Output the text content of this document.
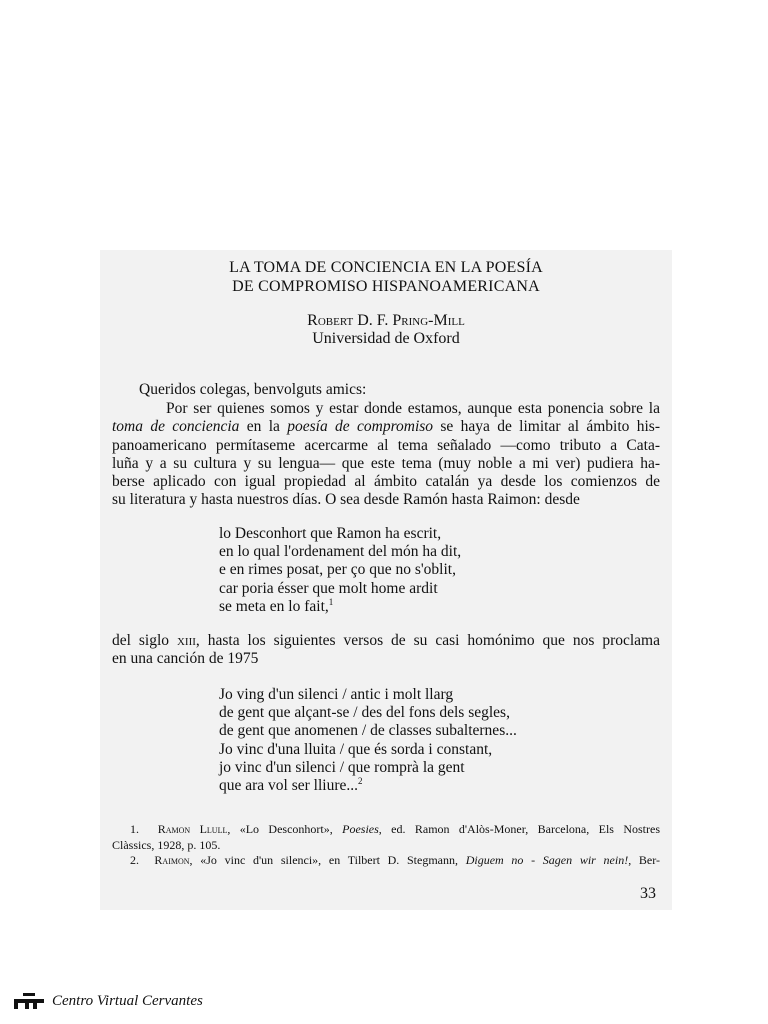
LA TOMA DE CONCIENCIA EN LA POESÍA
DE COMPROMISO HISPANOAMERICANA
Robert D. F. Pring-Mill
Universidad de Oxford
Queridos colegas, benvolguts amics:
Por ser quienes somos y estar donde estamos, aunque esta ponencia sobre la
toma de conciencia en la poesía de compromiso se haya de limitar al ámbito his-
panoamericano permítaseme acercarme al tema señalado —como tributo a Cata-
luña y a su cultura y su lengua— que este tema (muy noble a mi ver) pudiera ha-
berse aplicado con igual propiedad al ámbito catalán ya desde los comienzos de
su literatura y hasta nuestros días. O sea desde Ramón hasta Raimon: desde
lo Desconhort que Ramon ha escrit,
en lo qual l'ordenament del món ha dit,
e en rimes posat, per ço que no s'oblit,
car poria ésser que molt home ardit
se meta en lo fait,$^1$
del siglo xiii, hasta los siguientes versos de su casi homónimo que nos proclama
en una canción de 1975
Jo ving d'un silenci / antic i molt llarg
de gent que alçant-se / des del fons dels segles,
de gent que anomenen / de classes subalternes...
Jo vinc d'una lluita / que és sorda i constant,
jo vinc d'un silenci / que romprà la gent
que ara vol ser lliure...$^2$
1. Ramon Llull, «Lo Desconhort», Poesies, ed. Ramon d'Alòs-Moner, Barcelona, Els Nostres
Clàssics, 1928, p. 105.
2. Raimon, «Jo vinc d'un silenci», en Tilbert D. Stegmann, Diguem no - Sagen wir nein!, Ber-
33
Centro Virtual Cervantes
